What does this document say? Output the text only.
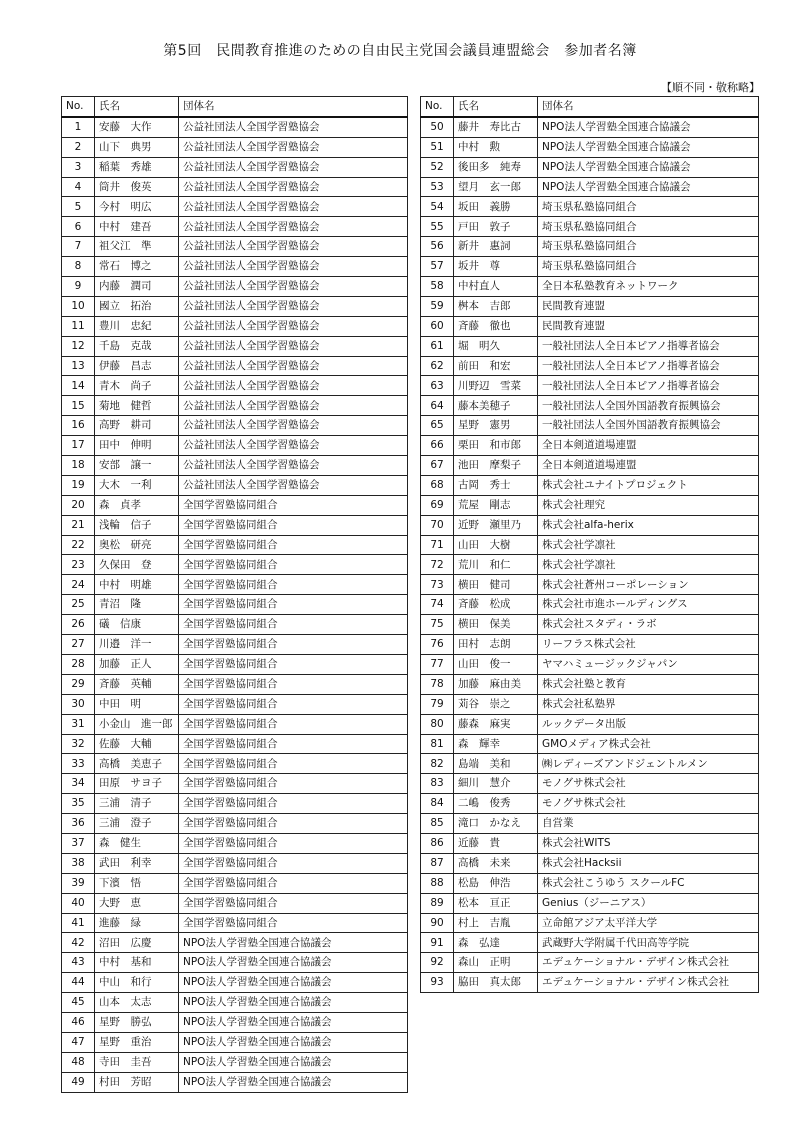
第5回　民間教育推進のための自由民主党国会議員連盟総会　参加者名簿
【順不同・敬称略】
No.	氏名	団体名
1	安藤　大作	公益社団法人全国学習塾協会
2	山下　典男	公益社団法人全国学習塾協会
3	稲葉　秀雄	公益社団法人全国学習塾協会
4	筒井　俊英	公益社団法人全国学習塾協会
5	今村　明広	公益社団法人全国学習塾協会
6	中村　建吾	公益社団法人全国学習塾協会
7	祖父江　準	公益社団法人全国学習塾協会
8	常石　博之	公益社団法人全国学習塾協会
9	内藤　潤司	公益社団法人全国学習塾協会
10	國立　拓治	公益社団法人全国学習塾協会
11	豊川　忠紀	公益社団法人全国学習塾協会
12	千島　克哉	公益社団法人全国学習塾協会
13	伊藤　昌志	公益社団法人全国学習塾協会
14	青木　尚子	公益社団法人全国学習塾協会
15	菊地　健哲	公益社団法人全国学習塾協会
16	高野　耕司	公益社団法人全国学習塾協会
17	田中　伸明	公益社団法人全国学習塾協会
18	安部　譲一	公益社団法人全国学習塾協会
19	大木　一利	公益社団法人全国学習塾協会
20	森　貞孝	全国学習塾協同組合
21	浅輪　信子	全国学習塾協同組合
22	奥松　研亮	全国学習塾協同組合
23	久保田　登	全国学習塾協同組合
24	中村　明雄	全国学習塾協同組合
25	青沼　隆	全国学習塾協同組合
26	礒　信康	全国学習塾協同組合
27	川邉　洋一	全国学習塾協同組合
28	加藤　正人	全国学習塾協同組合
29	斉藤　英輔	全国学習塾協同組合
30	中田　明	全国学習塾協同組合
31	小金山　進一郎	全国学習塾協同組合
32	佐藤　大輔	全国学習塾協同組合
33	高橋　美恵子	全国学習塾協同組合
34	田原　サヨ子	全国学習塾協同組合
35	三浦　清子	全国学習塾協同組合
36	三浦　澄子	全国学習塾協同組合
37	森　健生	全国学習塾協同組合
38	武田　利幸	全国学習塾協同組合
39	下濱　悟	全国学習塾協同組合
40	大野　恵	全国学習塾協同組合
41	進藤　緑	全国学習塾協同組合
42	沼田　広慶	NPO法人学習塾全国連合協議会
43	中村　基和	NPO法人学習塾全国連合協議会
44	中山　和行	NPO法人学習塾全国連合協議会
45	山本　太志	NPO法人学習塾全国連合協議会
46	星野　勝弘	NPO法人学習塾全国連合協議会
47	星野　重治	NPO法人学習塾全国連合協議会
48	寺田　圭吾	NPO法人学習塾全国連合協議会
49	村田　芳昭	NPO法人学習塾全国連合協議会
No.	氏名	団体名
50	藤井　寿比古	NPO法人学習塾全国連合協議会
51	中村　勲	NPO法人学習塾全国連合協議会
52	後田多　純寿	NPO法人学習塾全国連合協議会
53	望月　玄一郎	NPO法人学習塾全国連合協議会
54	坂田　義勝	埼玉県私塾協同組合
55	戸田　敦子	埼玉県私塾協同組合
56	新井　惠詞	埼玉県私塾協同組合
57	坂井　尊	埼玉県私塾協同組合
58	中村直人	全日本私塾教育ネットワーク
59	桝本　吉郎	民間教育連盟
60	斉藤　徹也	民間教育連盟
61	堀　明久	一般社団法人全日本ピアノ指導者協会
62	前田　和宏	一般社団法人全日本ピアノ指導者協会
63	川野辺　雪菜	一般社団法人全日本ピアノ指導者協会
64	藤本美穂子	一般社団法人全国外国語教育振興協会
65	星野　憲男	一般社団法人全国外国語教育振興協会
66	栗田　和市郎	全日本剣道道場連盟
67	池田　摩梨子	全日本剣道道場連盟
68	古岡　秀士	株式会社ユナイトプロジェクト
69	荒屋　剛志	株式会社理究
70	近野　瀬里乃	株式会社alfa-herix
71	山田　大樹	株式会社学凛社
72	荒川　和仁	株式会社学凛社
73	横田　健司	株式会社蒼州コーポレーション
74	斉藤　松成	株式会社市進ホールディングス
75	横田　保美	株式会社スタディ・ラボ
76	田村　志朗	リーフラス株式会社
77	山田　俊一	ヤマハミュージックジャパン
78	加藤　麻由美	株式会社塾と教育
79	苅谷　崇之	株式会社私塾界
80	藤森　麻実	ルックデータ出版
81	森　輝幸	GMOメディア株式会社
82	島端　美和	㈱レディーズアンドジェントルメン
83	細川　慧介	モノグサ株式会社
84	二嶋　俊秀	モノグサ株式会社
85	滝口　かなえ	自営業
86	近藤　貴	株式会社WITS
87	高橋　未来	株式会社Hacksii
88	松島　伸浩	株式会社こうゆう スクールFC
89	松本　亘正	Genius（ジーニアス）
90	村上　吉胤	立命館アジア太平洋大学
91	森　弘達	武蔵野大学附属千代田高等学院
92	森山　正明	エデュケーショナル・デザイン株式会社
93	脇田　真太郎	エデュケーショナル・デザイン株式会社
